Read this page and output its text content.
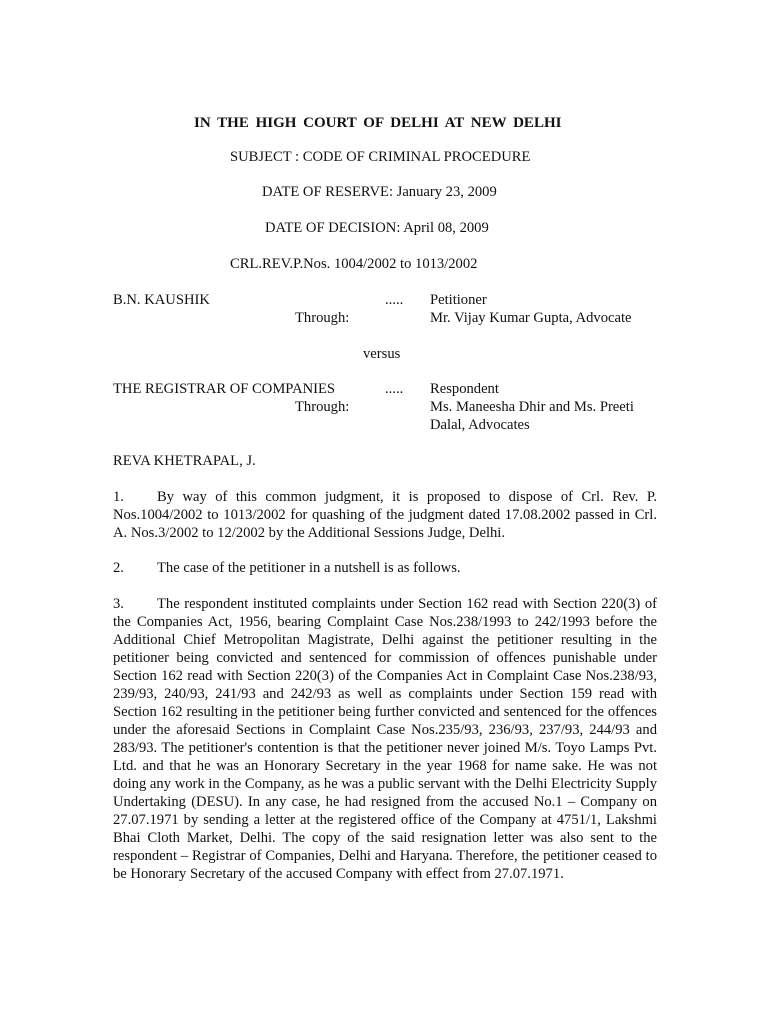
IN THE HIGH COURT OF DELHI AT NEW DELHI
SUBJECT : CODE OF CRIMINAL PROCEDURE
DATE OF RESERVE: January 23, 2009
DATE OF DECISION: April 08, 2009
CRL.REV.P.Nos. 1004/2002 to 1013/2002
B.N. KAUSHIK	..... Petitioner
Through:	Mr. Vijay Kumar Gupta, Advocate
versus
THE REGISTRAR OF COMPANIES	..... Respondent
Through:	Ms. Maneesha Dhir and Ms. Preeti
Dalal, Advocates
REVA KHETRAPAL, J.
1. By way of this common judgment, it is proposed to dispose of Crl. Rev. P. Nos.1004/2002 to 1013/2002 for quashing of the judgment dated 17.08.2002 passed in Crl. A. Nos.3/2002 to 12/2002 by the Additional Sessions Judge, Delhi.
2. The case of the petitioner in a nutshell is as follows.
3. The respondent instituted complaints under Section 162 read with Section 220(3) of the Companies Act, 1956, bearing Complaint Case Nos.238/1993 to 242/1993 before the Additional Chief Metropolitan Magistrate, Delhi against the petitioner resulting in the petitioner being convicted and sentenced for commission of offences punishable under Section 162 read with Section 220(3) of the Companies Act in Complaint Case Nos.238/93, 239/93, 240/93, 241/93 and 242/93 as well as complaints under Section 159 read with Section 162 resulting in the petitioner being further convicted and sentenced for the offences under the aforesaid Sections in Complaint Case Nos.235/93, 236/93, 237/93, 244/93 and 283/93. The petitioner's contention is that the petitioner never joined M/s. Toyo Lamps Pvt. Ltd. and that he was an Honorary Secretary in the year 1968 for name sake. He was not doing any work in the Company, as he was a public servant with the Delhi Electricity Supply Undertaking (DESU). In any case, he had resigned from the accused No.1 – Company on 27.07.1971 by sending a letter at the registered office of the Company at 4751/1, Lakshmi Bhai Cloth Market, Delhi. The copy of the said resignation letter was also sent to the respondent – Registrar of Companies, Delhi and Haryana. Therefore, the petitioner ceased to be Honorary Secretary of the accused Company with effect from 27.07.1971.
